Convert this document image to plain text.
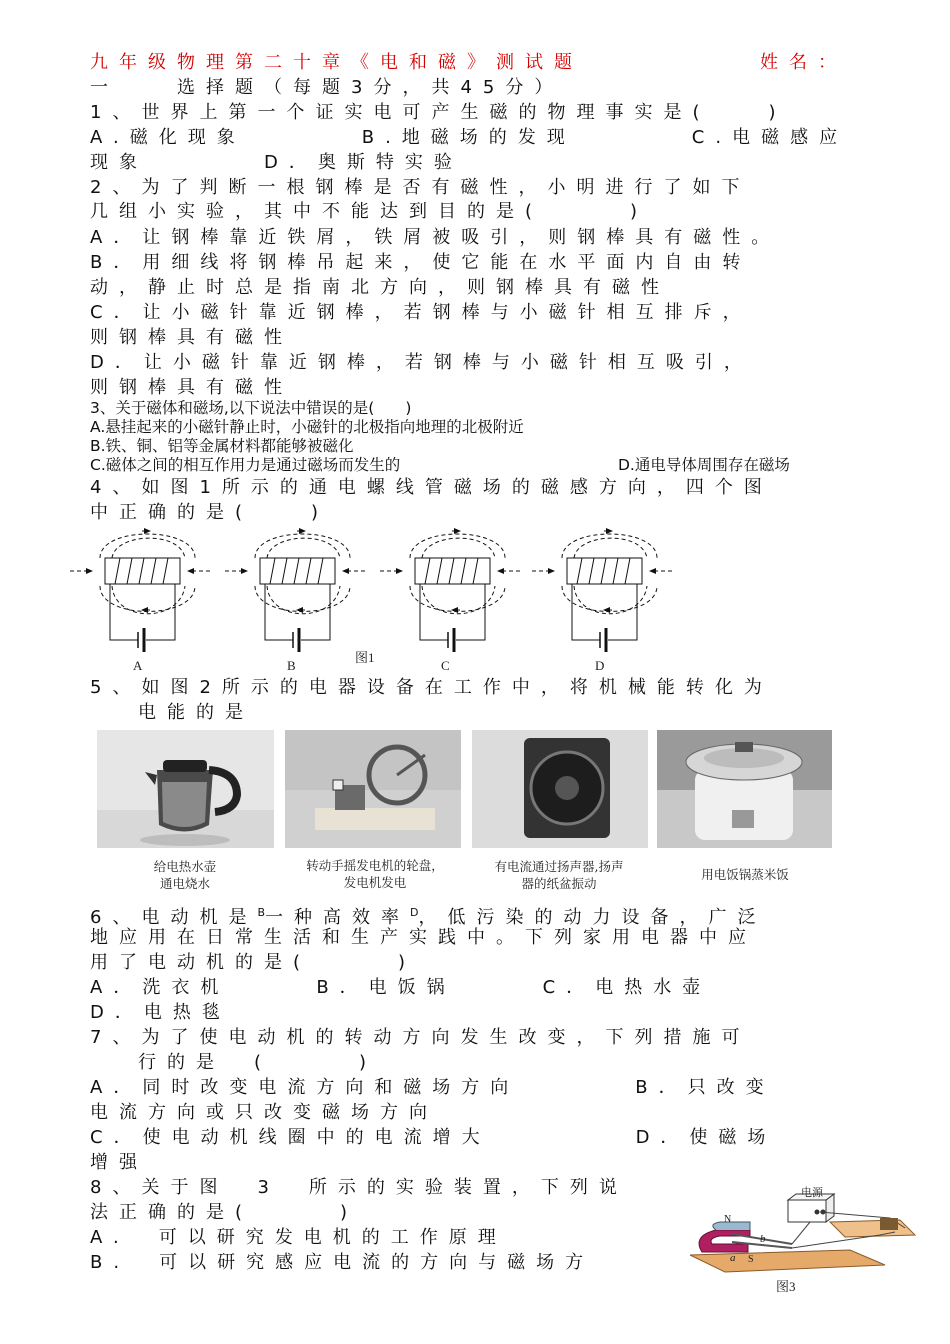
九年级物理第二十章《电和磁》测试题	姓名：
一　　选择题（每题3分，共45分）
1、世界上第一个证实电可产生磁的物理事实是(　　)
A.磁化现象　　　　B.地磁场的发现　　　　C.电磁感应
现象　　　　D．奥斯特实验
2、为了判断一根钢棒是否有磁性，小明进行了如下
几组小实验，其中不能达到目的是(　　　)
A．让钢棒靠近铁屑，铁屑被吸引，则钢棒具有磁性。
B．用细线将钢棒吊起来，使它能在水平面内自由转
动，静止时总是指南北方向，则钢棒具有磁性
C．让小磁针靠近钢棒，若钢棒与小磁针相互排斥，
则钢棒具有磁性
D．让小磁针靠近钢棒，若钢棒与小磁针相互吸引，
则钢棒具有磁性
3、关于磁体和磁场,以下说法中错误的是(　　)
A.悬挂起来的小磁针静止时，小磁针的北极指向地理的北极附近
B.铁、铜、铝等金属材料都能够被磁化
C.磁体之间的相互作用力是通过磁场而发生的	D.通电导体周围存在磁场
4、如图1所示的通电螺线管磁场的磁感方向，四个图
中正确的是(　　)
A	B	C	D
图1
5、如图2所示的电器设备在工作中，将机械能转化为
电能的是
给电热水壶
通电烧水
转动手摇发电机的轮盘，
发电机发电
有电流通过扬声器,扬声
器的纸盆振动
用电饭锅蒸米饭
6、电动机是$^B$一种高效率$^D$，低污染的动力设备，广泛
地应用在日常生活和生产实践中。下列家用电器中应
用了电动机的是(　　　)
A．洗衣机　　　B．电饭锅　　　C．电热水壶
D．电热毯
7、为了使电动机的转动方向发生改变，下列措施可
行的是　(　　　)
A．同时改变电流方向和磁场方向　　　　B．只改变
电流方向或只改变磁场方向
C．使电动机线圈中的电流增大　　　　　D．使磁场
增强
8、关于图　3　所示的实验装置，下列说
法正确的是(　　　)
A.　可以研究发电机的工作原理
B.　可以研究感应电流的方向与磁场方
电源
N
S
a
b
图3
